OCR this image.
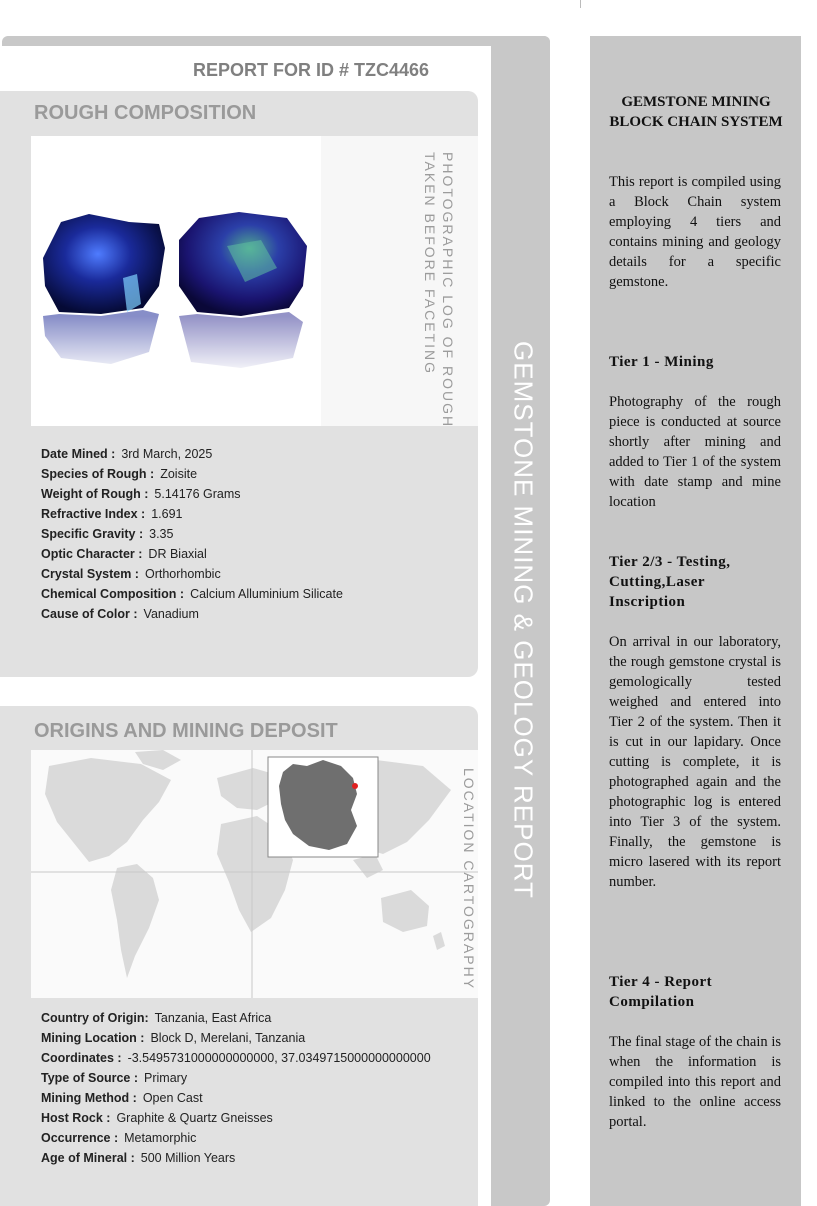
GEMSTONE MINING & GEOLOGY REPORT
REPORT FOR ID # TZC4466
ROUGH COMPOSITION
PHOTOGRAPHIC LOG OF ROUGH
TAKEN BEFORE FACETING
Date Mined : 3rd March, 2025
Species of Rough : Zoisite
Weight of Rough : 5.14176 Grams
Refractive Index : 1.691
Specific Gravity : 3.35
Optic Character : DR Biaxial
Crystal System : Orthorhombic
Chemical Composition : Calcium Alluminium Silicate
Cause of Color : Vanadium
ORIGINS AND MINING DEPOSIT
LOCATION CARTOGRAPHY
Country of Origin: Tanzania, East Africa
Mining Location : Block D, Merelani, Tanzania
Coordinates : -3.5495731000000000000, 37.0349715000000000000
Type of Source : Primary
Mining Method : Open Cast
Host Rock : Graphite & Quartz Gneisses
Occurrence : Metamorphic
Age of Mineral : 500 Million Years
GEMSTONE MINING BLOCK CHAIN SYSTEM
This report is compiled using a Block Chain system employing 4 tiers and contains mining and geology details for a specific gemstone.
Tier 1 - Mining
Photography of the rough piece is conducted at source shortly after mining and added to Tier 1 of the system with date stamp and mine location
Tier 2/3 - Testing, Cutting,Laser Inscription
On arrival in our laboratory, the rough gemstone crystal is gemologically tested weighed and entered into Tier 2 of the system. Then it is cut in our lapidary. Once cutting is complete, it is photographed again and the photographic log is entered into Tier 3 of the system. Finally, the gemstone is micro lasered with its report number.
Tier 4 - Report Compilation
The final stage of the chain is when the information is compiled into this report and linked to the online access portal.
